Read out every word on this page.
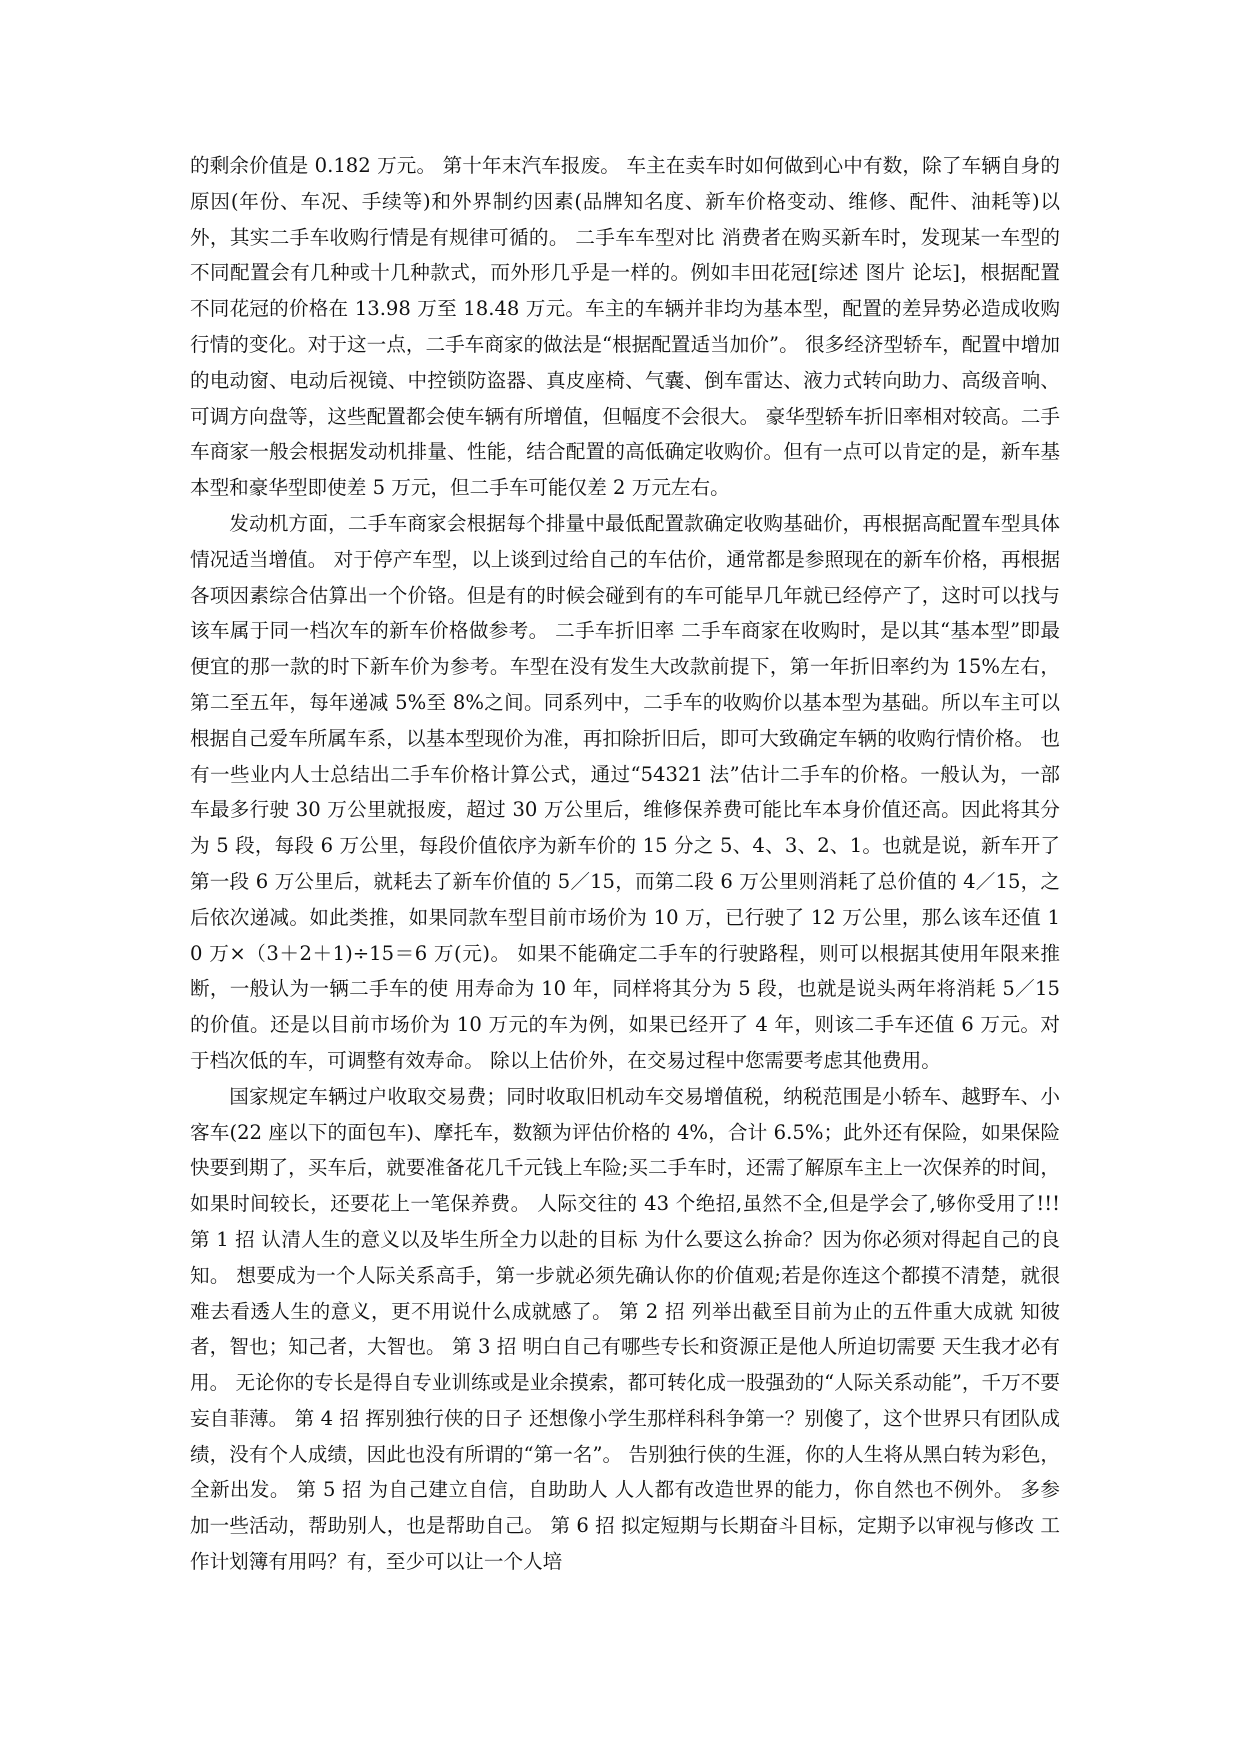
的剩余价值是 0.182 万元。 第十年末汽车报废。 车主在卖车时如何做到心中有数，除了车辆自身的原因(年份、车况、手续等)和外界制约因素(品牌知名度、新车价格变动、维修、配件、油耗等)以外，其实二手车收购行情是有规律可循的。 二手车车型对比 消费者在购买新车时，发现某一车型的不同配置会有几种或十几种款式，而外形几乎是一样的。例如丰田花冠[综述 图片 论坛]，根据配置不同花冠的价格在 13.98 万至 18.48 万元。车主的车辆并非均为基本型，配置的差异势必造成收购行情的变化。对于这一点，二手车商家的做法是“根据配置适当加价”。 很多经济型轿车，配置中增加的电动窗、电动后视镜、中控锁防盗器、真皮座椅、气囊、倒车雷达、液力式转向助力、高级音响、可调方向盘等，这些配置都会使车辆有所增值，但幅度不会很大。 豪华型轿车折旧率相对较高。二手车商家一般会根据发动机排量、性能，结合配置的高低确定收购价。但有一点可以肯定的是，新车基本型和豪华型即使差 5 万元，但二手车可能仅差 2 万元左右。

发动机方面，二手车商家会根据每个排量中最低配置款确定收购基础价，再根据高配置车型具体情况适当增值。 对于停产车型，以上谈到过给自己的车估价，通常都是参照现在的新车价格，再根据各项因素综合估算出一个价铬。但是有的时候会碰到有的车可能早几年就已经停产了，这时可以找与该车属于同一档次车的新车价格做参考。 二手车折旧率 二手车商家在收购时，是以其“基本型”即最便宜的那一款的时下新车价为参考。车型在没有发生大改款前提下，第一年折旧率约为 15%左右，第二至五年，每年递减 5%至 8%之间。同系列中，二手车的收购价以基本型为基础。所以车主可以根据自己爱车所属车系，以基本型现价为准，再扣除折旧后，即可大致确定车辆的收购行情价格。 也有一些业内人士总结出二手车价格计算公式，通过“54321 法”估计二手车的价格。一般认为，一部车最多行驶 30 万公里就报废，超过 30 万公里后，维修保养费可能比车本身价值还高。因此将其分为 5 段，每段 6 万公里，每段价值依序为新车价的 15 分之 5、4、3、2、1。也就是说，新车开了第一段 6 万公里后，就耗去了新车价值的 5／15，而第二段 6 万公里则消耗了总价值的 4／15，之后依次递减。如此类推，如果同款车型目前市场价为 10 万，已行驶了 12 万公里，那么该车还值 10 万×（3＋2＋1)÷15＝6 万(元)。 如果不能确定二手车的行驶路程，则可以根据其使用年限来推断，一般认为一辆二手车的使 用寿命为 10 年，同样将其分为 5 段，也就是说头两年将消耗 5／15 的价值。还是以目前市场价为 10 万元的车为例，如果已经开了 4 年，则该二手车还值 6 万元。对于档次低的车，可调整有效寿命。 除以上估价外，在交易过程中您需要考虑其他费用。

国家规定车辆过户收取交易费；同时收取旧机动车交易增值税，纳税范围是小轿车、越野车、小客车(22 座以下的面包车)、摩托车，数额为评估价格的 4%，合计 6.5%；此外还有保险，如果保险快要到期了，买车后，就要准备花几千元钱上车险;买二手车时，还需了解原车主上一次保养的时间，如果时间较长，还要花上一笔保养费。 人际交往的 43 个绝招,虽然不全,但是学会了,够你受用了!!! 第 1 招 认清人生的意义以及毕生所全力以赴的目标 为什么要这么拚命？因为你必须对得起自己的良知。 想要成为一个人际关系高手，第一步就必须先确认你的价值观;若是你连这个都摸不清楚，就很难去看透人生的意义，更不用说什么成就感了。 第 2 招 列举出截至目前为止的五件重大成就 知彼者，智也；知己者，大智也。 第 3 招 明白自己有哪些专长和资源正是他人所迫切需要 天生我才必有用。 无论你的专长是得自专业训练或是业余摸索，都可转化成一股强劲的“人际关系动能”，千万不要妄自菲薄。 第 4 招 挥别独行侠的日子 还想像小学生那样科科争第一？别傻了，这个世界只有团队成绩，没有个人成绩，因此也没有所谓的“第一名”。 告别独行侠的生涯，你的人生将从黑白转为彩色，全新出发。 第 5 招 为自己建立自信，自助助人 人人都有改造世界的能力，你自然也不例外。 多参加一些活动，帮助别人，也是帮助自己。 第 6 招 拟定短期与长期奋斗目标，定期予以审视与修改 工作计划簿有用吗？有，至少可以让一个人培
